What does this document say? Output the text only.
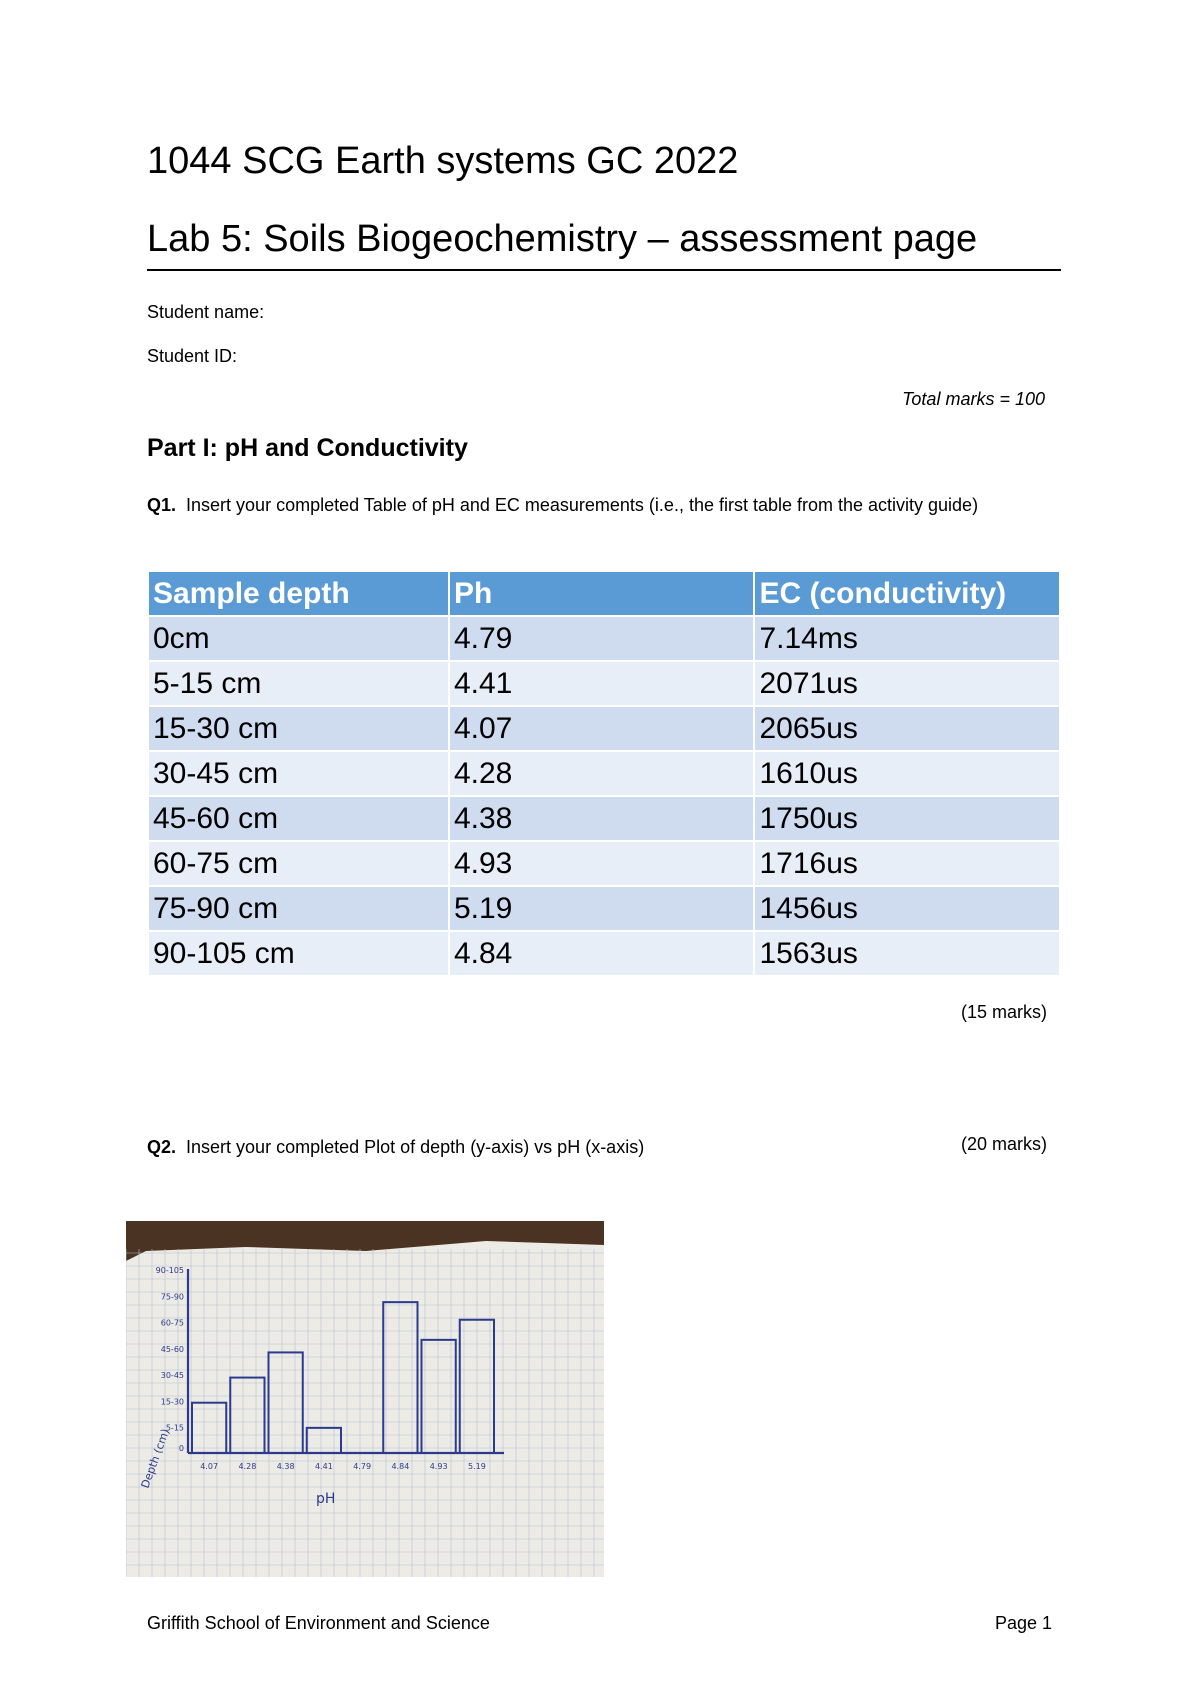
1044 SCG Earth systems GC 2022
Lab 5: Soils Biogeochemistry – assessment page
Student name:
Student ID:
Total marks = 100
Part I: pH and Conductivity
Q1. Insert your completed Table of pH and EC measurements (i.e., the first table from the activity guide)
Sample depth	Ph	EC (conductivity)
0cm	4.79	7.14ms
5-15 cm	4.41	2071us
15-30 cm	4.07	2065us
30-45 cm	4.28	1610us
45-60 cm	4.38	1750us
60-75 cm	4.93	1716us
75-90 cm	5.19	1456us
90-105 cm	4.84	1563us
(15 marks)
Q2. Insert your completed Plot of depth (y-axis) vs pH (x-axis)	(20 marks)
90-105
75-90
60-75
45-60
30-45
15-30
5-15
0
4.07	4.28	4.38	4.41	4.79	4.84	4.93	5.19
Depth (cm)
pH
Griffith School of Environment and Science	Page 1
